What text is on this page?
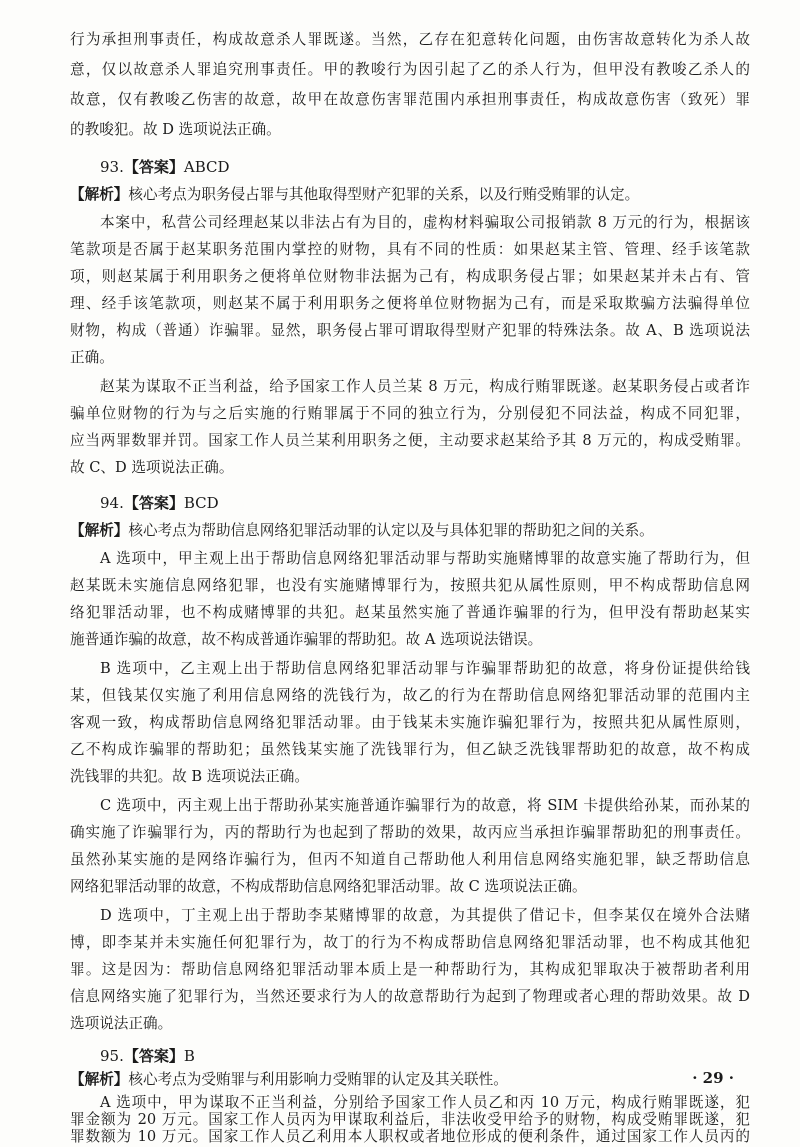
行为承担刑事责任，构成故意杀人罪既遂。当然，乙存在犯意转化问题，由伤害故意转化为杀人故
意，仅以故意杀人罪追究刑事责任。甲的教唆行为因引起了乙的杀人行为，但甲没有教唆乙杀人的
故意，仅有教唆乙伤害的故意，故甲在故意伤害罪范围内承担刑事责任，构成故意伤害（致死）罪
的教唆犯。故 D 选项说法正确。
93.【答案】ABCD
【解析】核心考点为职务侵占罪与其他取得型财产犯罪的关系，以及行贿受贿罪的认定。
本案中，私营公司经理赵某以非法占有为目的，虚构材料骗取公司报销款 8 万元的行为，根据该
笔款项是否属于赵某职务范围内掌控的财物，具有不同的性质：如果赵某主管、管理、经手该笔款
项，则赵某属于利用职务之便将单位财物非法据为己有，构成职务侵占罪；如果赵某并未占有、管
理、经手该笔款项，则赵某不属于利用职务之便将单位财物据为己有，而是采取欺骗方法骗得单位
财物，构成（普通）诈骗罪。显然，职务侵占罪可谓取得型财产犯罪的特殊法条。故 A、B 选项说法
正确。
赵某为谋取不正当利益，给予国家工作人员兰某 8 万元，构成行贿罪既遂。赵某职务侵占或者诈
骗单位财物的行为与之后实施的行贿罪属于不同的独立行为，分别侵犯不同法益，构成不同犯罪，
应当两罪数罪并罚。国家工作人员兰某利用职务之便，主动要求赵某给予其 8 万元的，构成受贿罪。
故 C、D 选项说法正确。
94.【答案】BCD
【解析】核心考点为帮助信息网络犯罪活动罪的认定以及与具体犯罪的帮助犯之间的关系。
A 选项中，甲主观上出于帮助信息网络犯罪活动罪与帮助实施赌博罪的故意实施了帮助行为，但
赵某既未实施信息网络犯罪，也没有实施赌博罪行为，按照共犯从属性原则，甲不构成帮助信息网
络犯罪活动罪，也不构成赌博罪的共犯。赵某虽然实施了普通诈骗罪的行为，但甲没有帮助赵某实
施普通诈骗的故意，故不构成普通诈骗罪的帮助犯。故 A 选项说法错误。
B 选项中，乙主观上出于帮助信息网络犯罪活动罪与诈骗罪帮助犯的故意，将身份证提供给钱
某，但钱某仅实施了利用信息网络的洗钱行为，故乙的行为在帮助信息网络犯罪活动罪的范围内主
客观一致，构成帮助信息网络犯罪活动罪。由于钱某未实施诈骗犯罪行为，按照共犯从属性原则，
乙不构成诈骗罪的帮助犯；虽然钱某实施了洗钱罪行为，但乙缺乏洗钱罪帮助犯的故意，故不构成
洗钱罪的共犯。故 B 选项说法正确。
C 选项中，丙主观上出于帮助孙某实施普通诈骗罪行为的故意，将 SIM 卡提供给孙某，而孙某的
确实施了诈骗罪行为，丙的帮助行为也起到了帮助的效果，故丙应当承担诈骗罪帮助犯的刑事责任。
虽然孙某实施的是网络诈骗行为，但丙不知道自己帮助他人利用信息网络实施犯罪，缺乏帮助信息
网络犯罪活动罪的故意，不构成帮助信息网络犯罪活动罪。故 C 选项说法正确。
D 选项中，丁主观上出于帮助李某赌博罪的故意，为其提供了借记卡，但李某仅在境外合法赌
博，即李某并未实施任何犯罪行为，故丁的行为不构成帮助信息网络犯罪活动罪，也不构成其他犯
罪。这是因为：帮助信息网络犯罪活动罪本质上是一种帮助行为，其构成犯罪取决于被帮助者利用
信息网络实施了犯罪行为，当然还要求行为人的故意帮助行为起到了物理或者心理的帮助效果。故 D
选项说法正确。
95.【答案】B
【解析】核心考点为受贿罪与利用影响力受贿罪的认定及其关联性。
A 选项中，甲为谋取不正当利益，分别给予国家工作人员乙和丙 10 万元，构成行贿罪既遂，犯
罪金额为 20 万元。国家工作人员丙为甲谋取利益后，非法收受甲给予的财物，构成受贿罪既遂，犯
罪数额为 10 万元。国家工作人员乙利用本人职权或者地位形成的便利条件，通过国家工作人员丙的
· 29 ·
